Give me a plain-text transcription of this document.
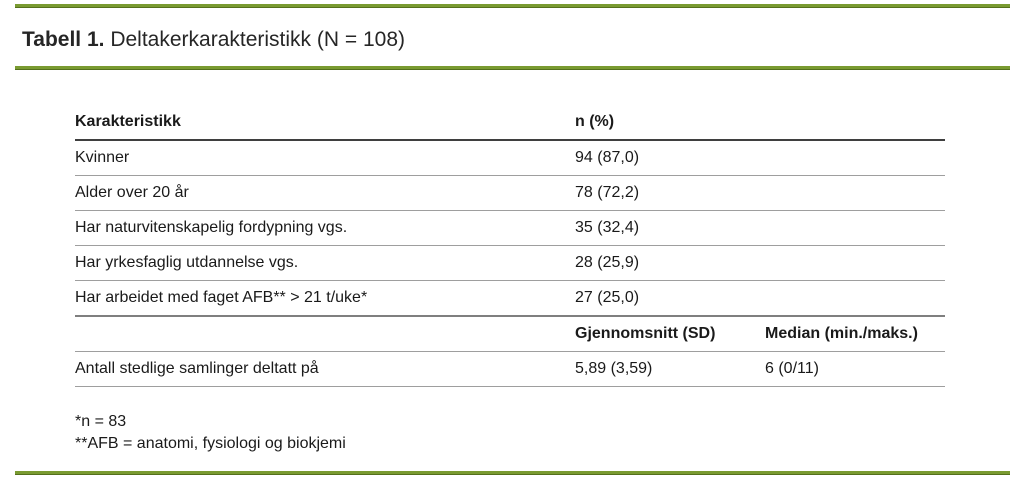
Tabell 1. Deltakerkarakteristikk (N = 108)
Karakteristikk	n (%)	
Kvinner	94 (87,0)	
Alder over 20 år	78 (72,2)	
Har naturvitenskapelig fordypning vgs.	35 (32,4)	
Har yrkesfaglig utdannelse vgs.	28 (25,9)	
Har arbeidet med faget AFB** > 21 t/uke*	27 (25,0)	
	Gjennomsnitt (SD)	Median (min./maks.)
Antall stedlige samlinger deltatt på	5,89 (3,59)	6 (0/11)
*n = 83
**AFB = anatomi, fysiologi og biokjemi
